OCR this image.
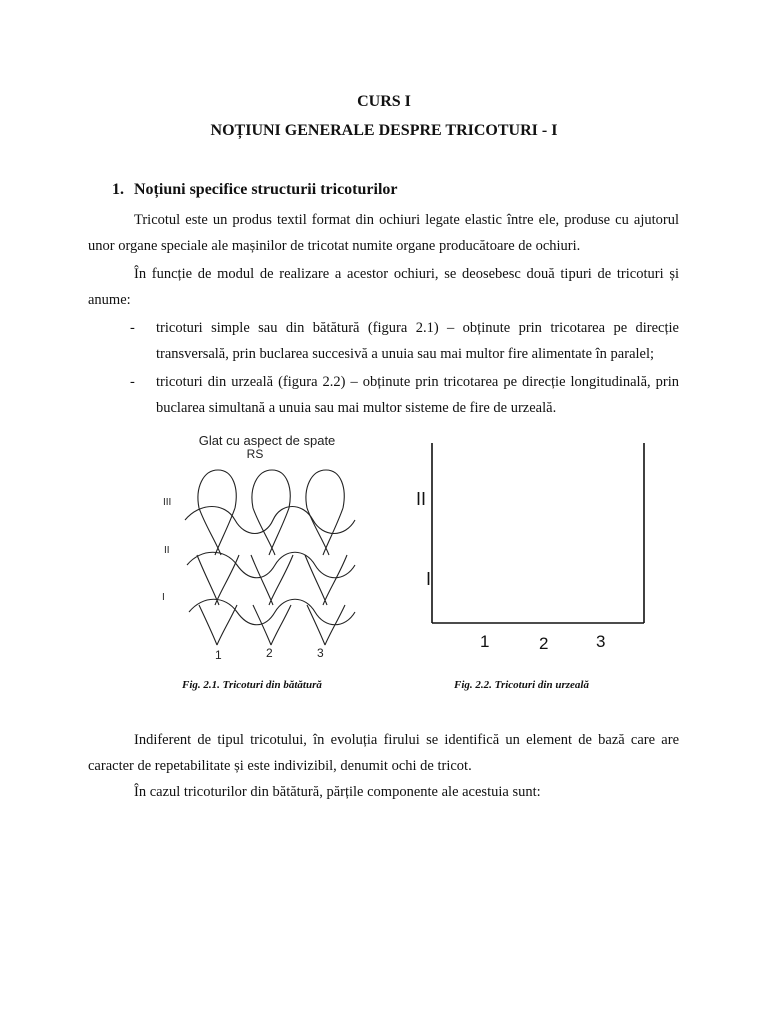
CURS I
NOȚIUNI GENERALE DESPRE TRICOTURI - I
1. Noțiuni specifice structurii tricoturilor
Tricotul este un produs textil format din ochiuri legate elastic între ele, produse cu ajutorul unor organe speciale ale mașinilor de tricotat numite organe producătoare de ochiuri.
În funcție de modul de realizare a acestor ochiuri, se deosebesc două tipuri de tricoturi și anume:
- tricoturi simple sau din bătătură (figura 2.1) – obținute prin tricotarea pe direcție transversală, prin buclarea succesivă a unuia sau mai multor fire alimentate în paralel;
- tricoturi din urzeală (figura 2.2) – obținute prin tricotarea pe direcție longitudinală, prin buclarea simultană a unuia sau mai multor sisteme de fire de urzeală.
Glat cu aspect de spate
RS
III
II
I
1	2	3
II
I
1	2	3
Fig. 2.1. Tricoturi din bătătură	Fig. 2.2. Tricoturi din urzeală
Indiferent de tipul tricotului, în evoluția firului se identifică un element de bază care are caracter de repetabilitate și este indivizibil, denumit ochi de tricot.
În cazul tricoturilor din bătătură, părțile componente ale acestuia sunt:
